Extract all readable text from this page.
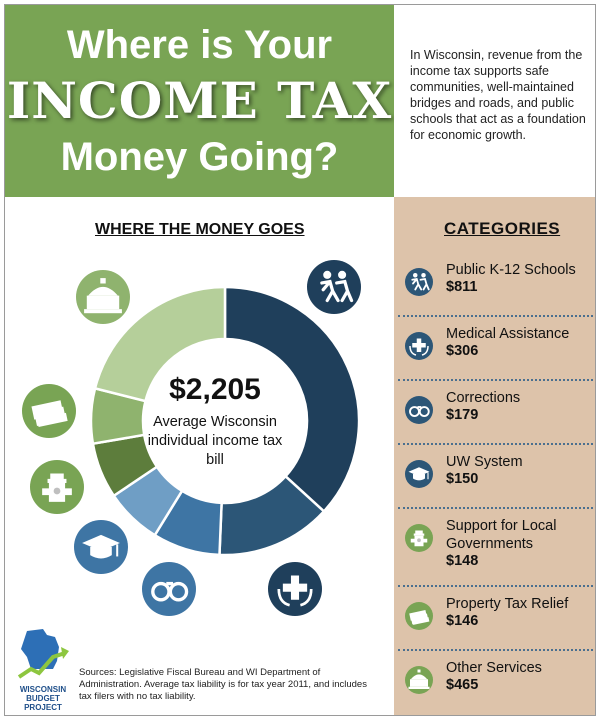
Where is Your
INCOME TAX
Money Going?
In Wisconsin, revenue from the income tax supports safe communities, well-maintained bridges and roads, and public schools that act as a foundation for economic growth.
WHERE THE MONEY GOES
$2,205
Average Wisconsin individual income tax bill
CATEGORIES
Public K-12 Schools
$811
Medical Assistance
$306
Corrections
$179
UW System
$150
Support for Local Governments
$148
Property Tax Relief
$146
Other Services
$465
WISCONSIN
BUDGET
PROJECT
Sources: Legislative Fiscal Bureau and WI Department of Administration. Average tax liability is for tax year 2011, and includes tax filers with no tax liability.
